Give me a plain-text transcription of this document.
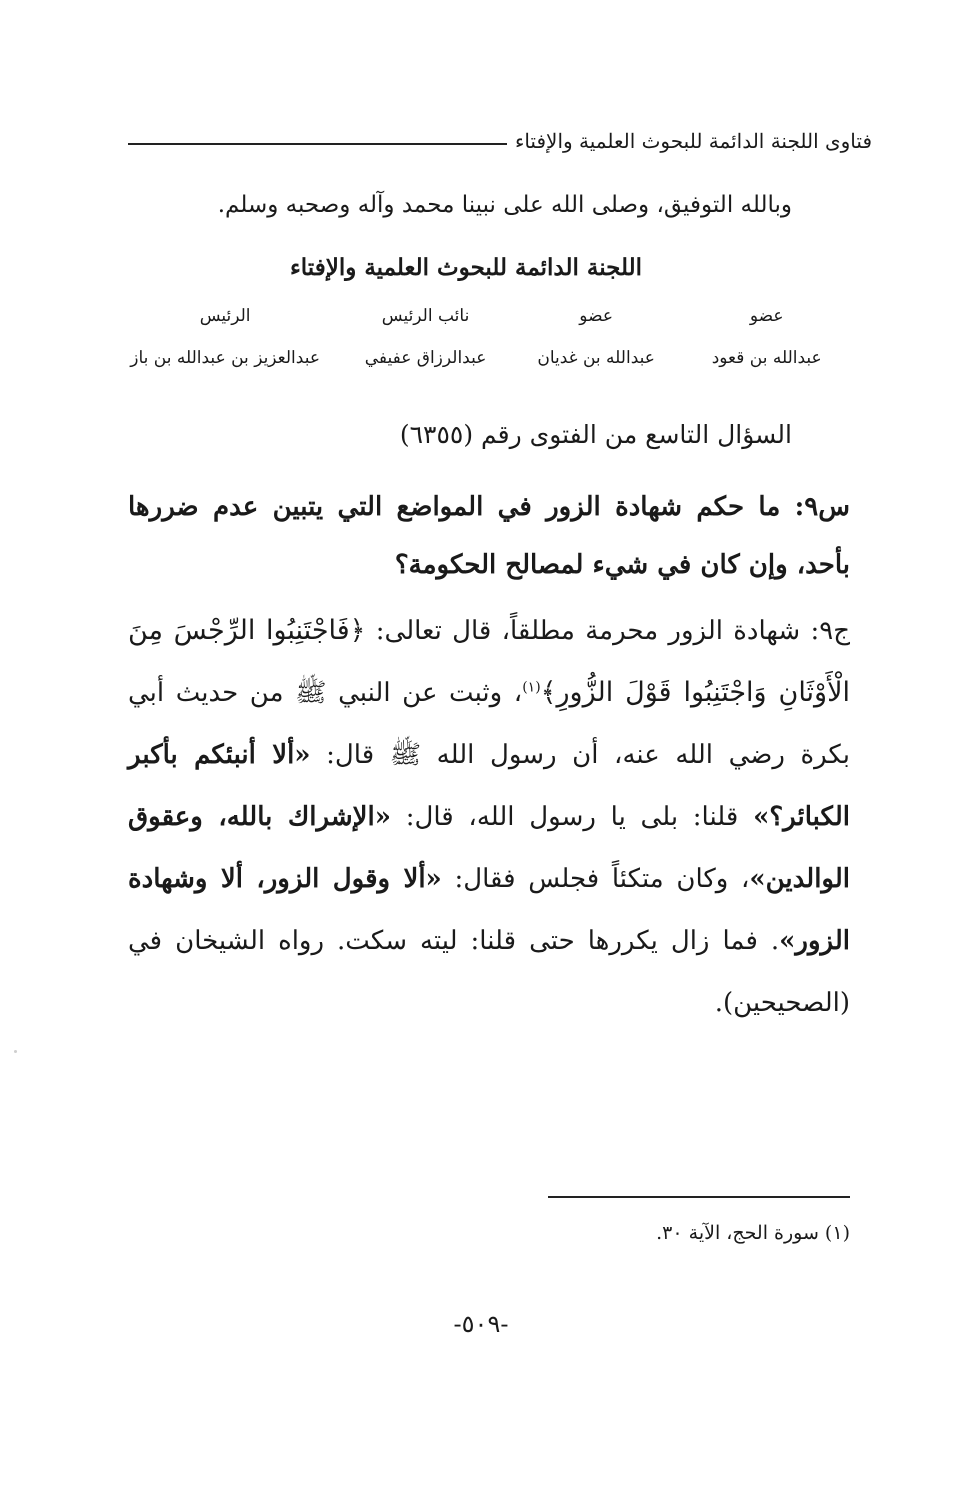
فتاوى اللجنة الدائمة للبحوث العلمية والإفتاء
وبالله التوفيق، وصلى الله على نبينا محمد وآله وصحبه وسلم.
اللجنة الدائمة للبحوث العلمية والإفتاء
عضو
عضو
نائب الرئيس
الرئيس
عبدالله بن قعود
عبدالله بن غديان
عبدالرزاق عفيفي
عبدالعزيز بن عبدالله بن باز
السؤال التاسع من الفتوى رقم (٦٣٥٥)
س٩: ما حكم شهادة الزور في المواضع التي يتبين عدم ضررها بأحد، وإن كان في شيء لمصالح الحكومة؟
ج٩: شهادة الزور محرمة مطلقاً، قال تعالى: ﴿فَاجْتَنِبُوا الرِّجْسَ مِنَ الْأَوْثَانِ وَاجْتَنِبُوا قَوْلَ الزُّورِ﴾$^{(١)}$، وثبت عن النبي ﷺ من حديث أبي بكرة رضي الله عنه، أن رسول الله ﷺ قال: «ألا أنبئكم بأكبر الكبائر؟» قلنا: بلى يا رسول الله، قال: «الإشراك بالله، وعقوق الوالدين»، وكان متكئاً فجلس فقال: «ألا وقول الزور، ألا وشهادة الزور». فما زال يكررها حتى قلنا: ليته سكت. رواه الشيخان في (الصحيحين).
(١) سورة الحج، الآية ٣٠.
-٥٠٩-
